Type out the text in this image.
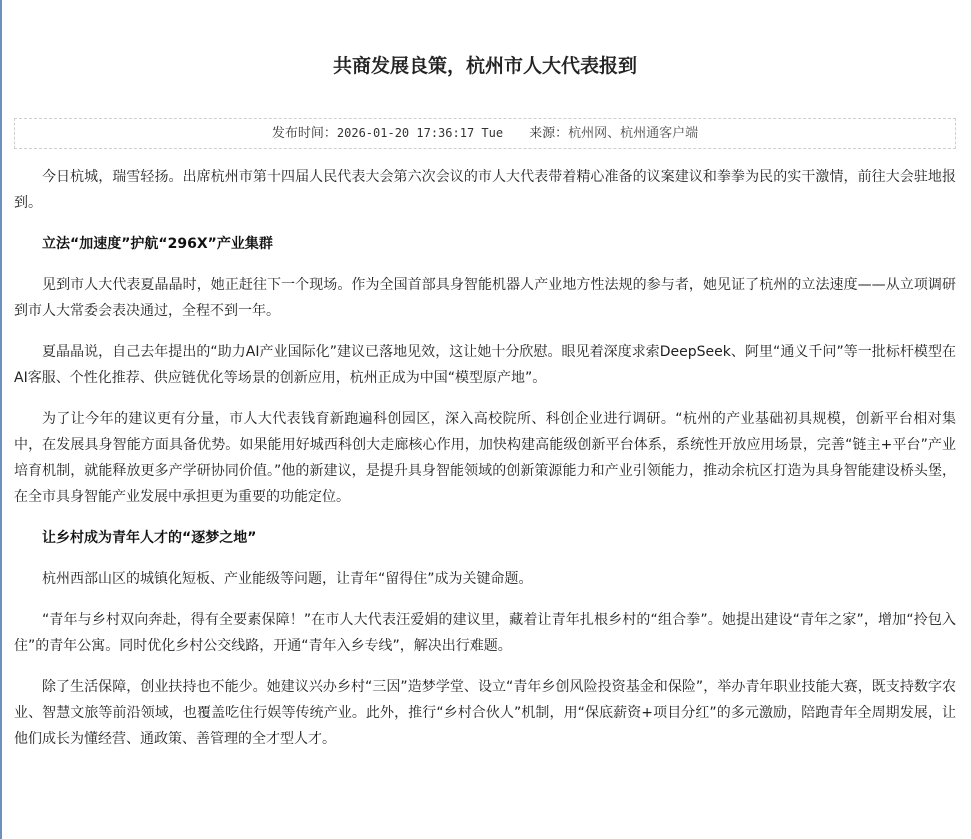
共商发展良策，杭州市人大代表报到
发布时间：2026-01-20 17:36:17 Tue 来源：杭州网、杭州通客户端

今日杭城，瑞雪轻扬。出席杭州市第十四届人民代表大会第六次会议的市人大代表带着精心准备的议案建议和拳拳为民的实干激情，前往大会驻地报到。

立法“加速度”护航“296X”产业集群

见到市人大代表夏晶晶时，她正赶往下一个现场。作为全国首部具身智能机器人产业地方性法规的参与者，她见证了杭州的立法速度——从立项调研到市人大常委会表决通过，全程不到一年。

夏晶晶说，自己去年提出的“助力AI产业国际化”建议已落地见效，这让她十分欣慰。眼见着深度求索DeepSeek、阿里“通义千问”等一批标杆模型在AI客服、个性化推荐、供应链优化等场景的创新应用，杭州正成为中国“模型原产地”。

为了让今年的建议更有分量，市人大代表钱育新跑遍科创园区，深入高校院所、科创企业进行调研。“杭州的产业基础初具规模，创新平台相对集中，在发展具身智能方面具备优势。如果能用好城西科创大走廊核心作用，加快构建高能级创新平台体系，系统性开放应用场景，完善“链主+平台”产业培育机制，就能释放更多产学研协同价值。”他的新建议，是提升具身智能领域的创新策源能力和产业引领能力，推动余杭区打造为具身智能建设桥头堡，在全市具身智能产业发展中承担更为重要的功能定位。

让乡村成为青年人才的“逐梦之地”

杭州西部山区的城镇化短板、产业能级等问题，让青年“留得住”成为关键命题。

“青年与乡村双向奔赴，得有全要素保障！”在市人大代表汪爱娟的建议里，藏着让青年扎根乡村的“组合拳”。她提出建设“青年之家”，增加“拎包入住”的青年公寓。同时优化乡村公交线路，开通“青年入乡专线”，解决出行难题。

除了生活保障，创业扶持也不能少。她建议兴办乡村“三因”造梦学堂、设立“青年乡创风险投资基金和保险”，举办青年职业技能大赛，既支持数字农业、智慧文旅等前沿领域，也覆盖吃住行娱等传统产业。此外，推行“乡村合伙人”机制，用“保底薪资+项目分红”的多元激励，陪跑青年全周期发展，让他们成长为懂经营、通政策、善管理的全才型人才。
